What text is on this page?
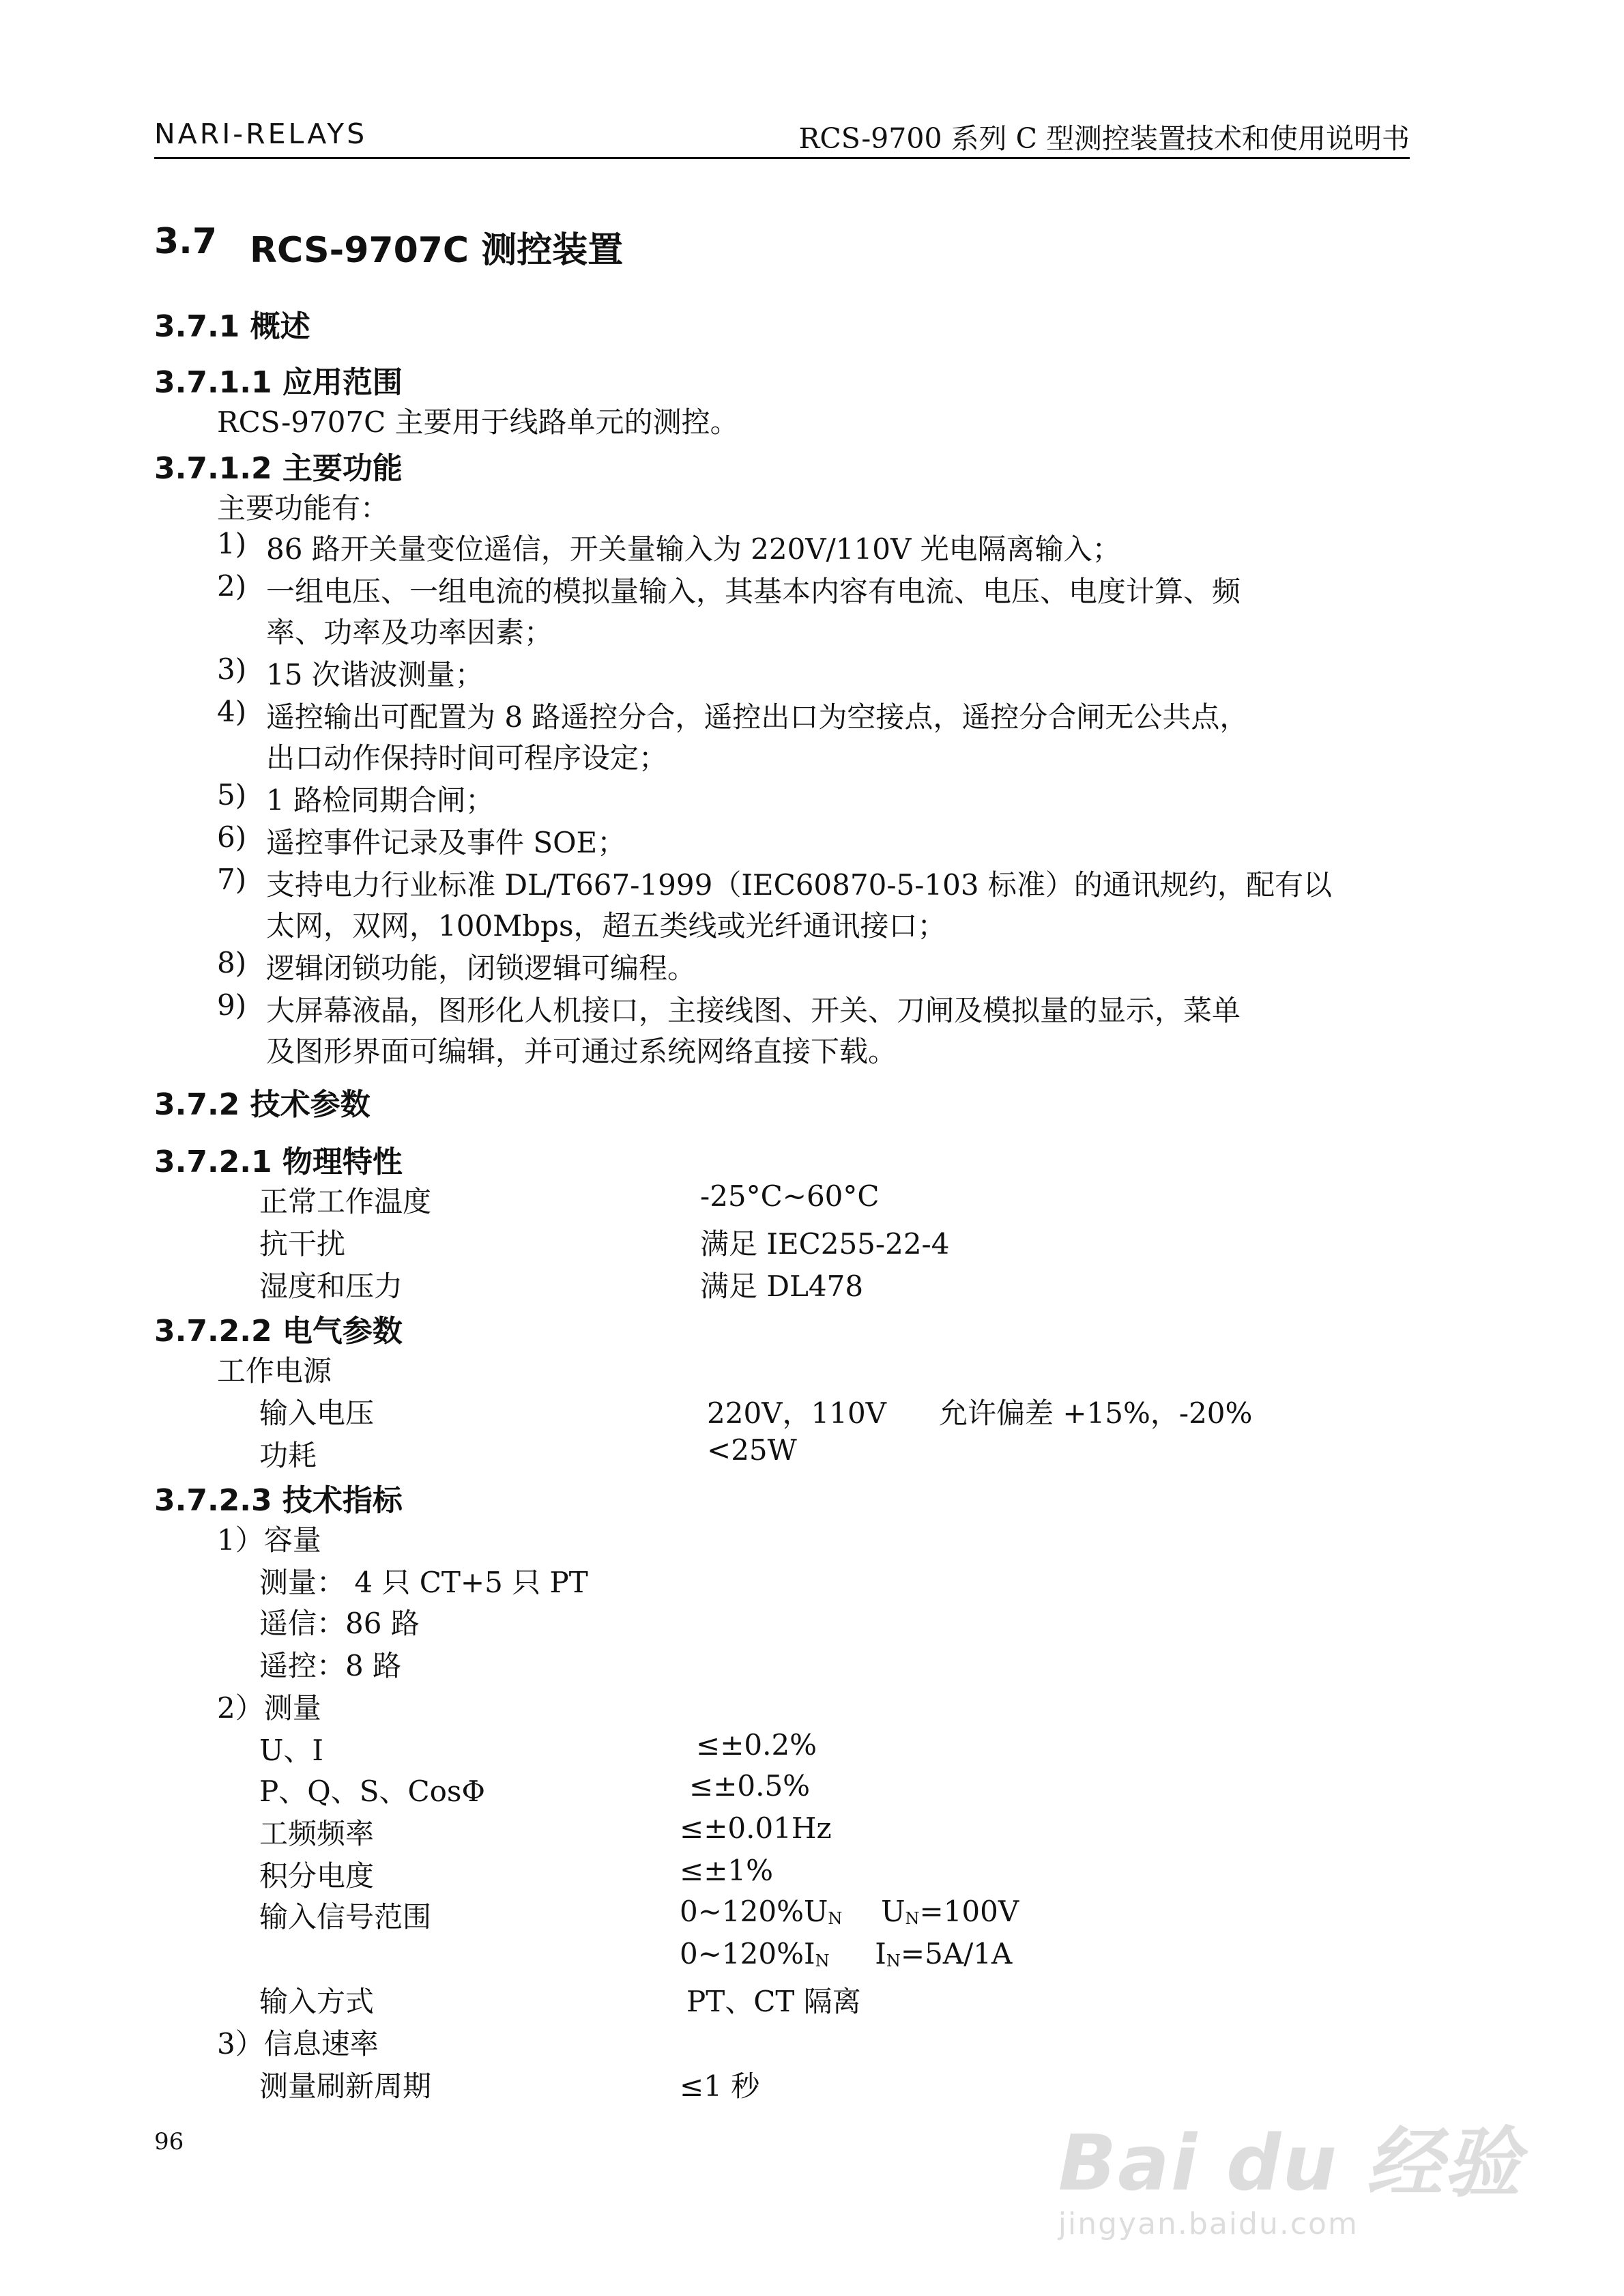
NARI-RELAYS	RCS-9700 系列 C 型测控装置技术和使用说明书
3.7 RCS-9707C 测控装置
3.7.1 概述
3.7.1.1 应用范围
RCS-9707C 主要用于线路单元的测控。
3.7.1.2 主要功能
主要功能有：
1) 86 路开关量变位遥信，开关量输入为 220V/110V 光电隔离输入；
2) 一组电压、一组电流的模拟量输入，其基本内容有电流、电压、电度计算、频
率、功率及功率因素；
3) 15 次谐波测量；
4) 遥控输出可配置为 8 路遥控分合，遥控出口为空接点，遥控分合闸无公共点，
出口动作保持时间可程序设定；
5) 1 路检同期合闸；
6) 遥控事件记录及事件 SOE；
7) 支持电力行业标准 DL/T667-1999（IEC60870-5-103 标准）的通讯规约，配有以
太网，双网，100Mbps，超五类线或光纤通讯接口；
8) 逻辑闭锁功能，闭锁逻辑可编程。
9) 大屏幕液晶，图形化人机接口，主接线图、开关、刀闸及模拟量的显示，菜单
及图形界面可编辑，并可通过系统网络直接下载。
3.7.2 技术参数
3.7.2.1 物理特性
正常工作温度	-25°C~60°C
抗干扰	满足 IEC255-22-4
湿度和压力	满足 DL478
3.7.2.2 电气参数
工作电源
输入电压	220V，110V 允许偏差 +15%，-20%
功耗	<25W
3.7.2.3 技术指标
1）容量
测量： 4 只 CT+5 只 PT
遥信：86 路
遥控：8 路
2）测量
U、I	≤±0.2%
P、Q、S、CosΦ	≤±0.5%
工频频率	≤±0.01Hz
积分电度	≤±1%
输入信号范围	$0\sim 120\%U_N$ $U_N=100V$
$0\sim 120\%I_N$ $I_N=5A/1A$
输入方式	PT、CT 隔离
3）信息速率
测量刷新周期	≤1 秒
96	Bai du 经验
jingyan.baidu.com
